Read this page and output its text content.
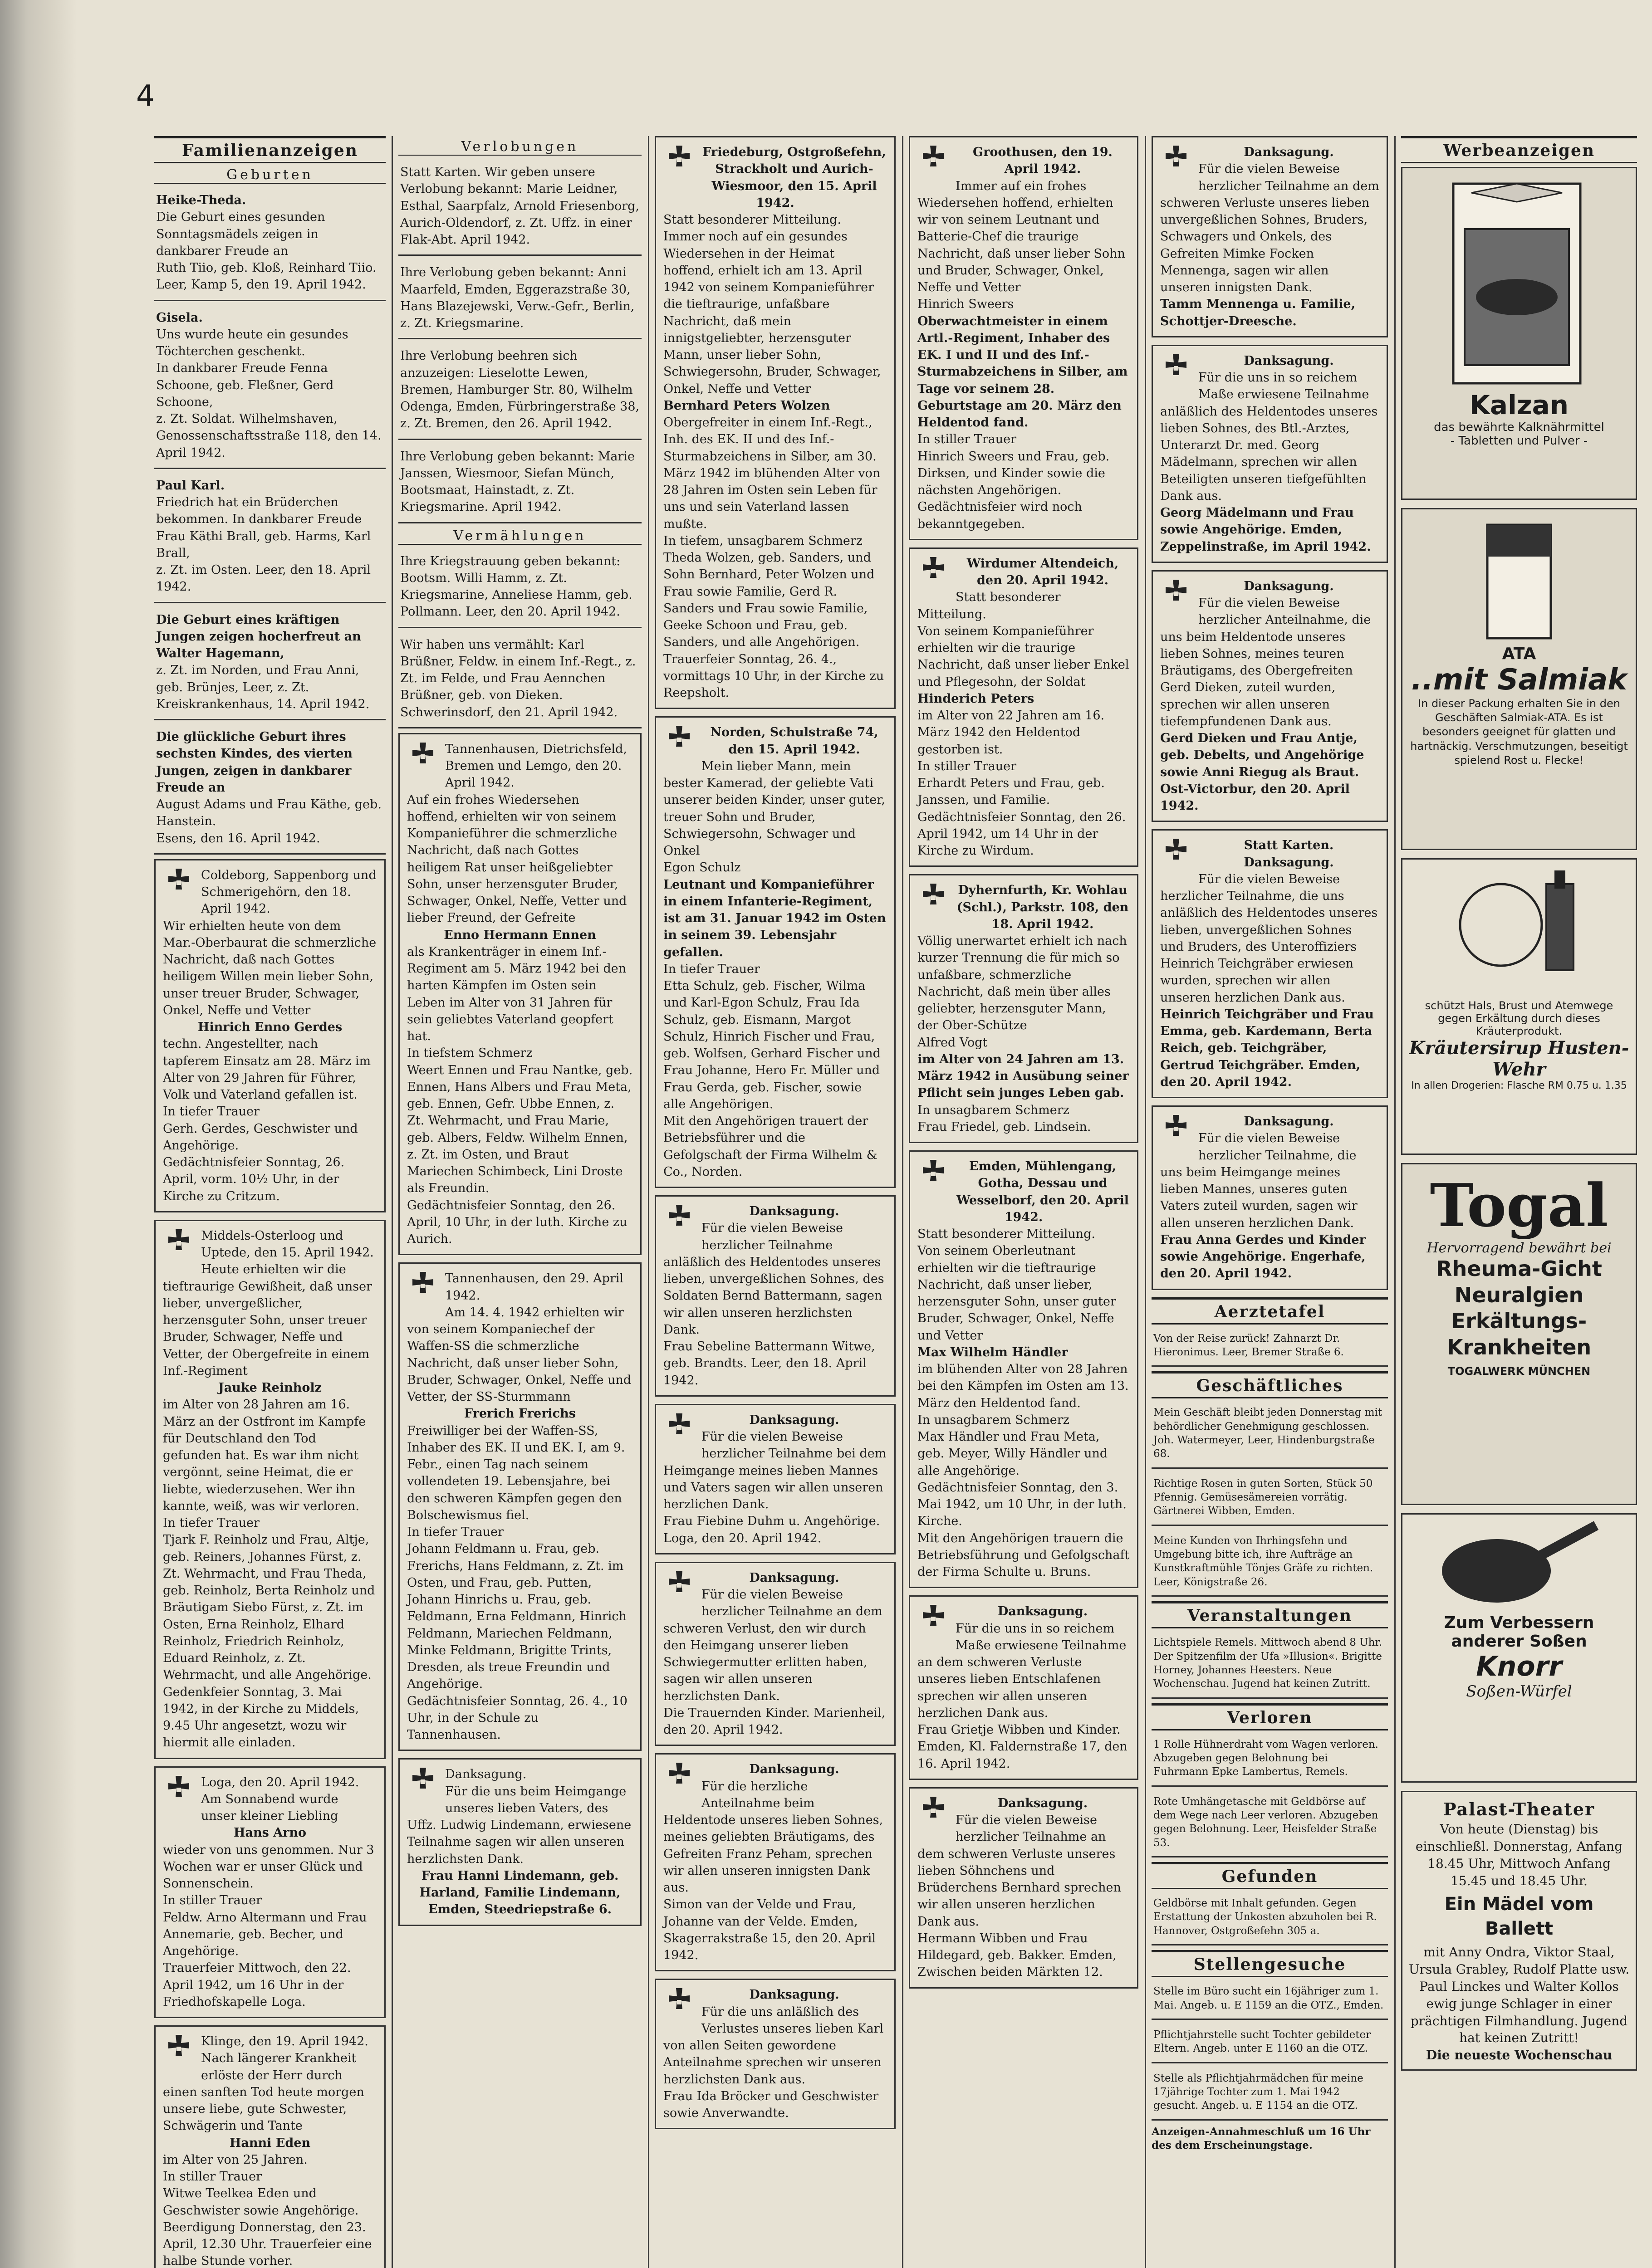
4
Familienanzeigen
Geburten
Heike-Theda.
Die Geburt eines gesunden Sonntagsmädels zeigen in dankbarer Freude an
Ruth Tiio, geb. Kloß, Reinhard Tiio.
Leer, Kamp 5, den 19. April 1942.
Gisela.
Uns wurde heute ein gesundes Töchterchen geschenkt.
In dankbarer Freude Fenna Schoone, geb. Fleßner, Gerd Schoone,
z. Zt. Soldat. Wilhelmshaven, Genossenschaftsstraße 118, den 14. April 1942.
Paul Karl.
Friedrich hat ein Brüderchen bekommen. In dankbarer Freude Frau Käthi Brall, geb. Harms, Karl Brall,
z. Zt. im Osten. Leer, den 18. April 1942.
Die Geburt eines kräftigen Jungen zeigen hocherfreut an Walter Hagemann,
z. Zt. im Norden, und Frau Anni, geb. Brünjes, Leer, z. Zt. Kreiskrankenhaus, 14. April 1942.
Die glückliche Geburt ihres sechsten Kindes, des vierten Jungen, zeigen in dankbarer Freude an
August Adams und Frau Käthe, geb. Hanstein.
Esens, den 16. April 1942.
Coldeborg, Sappenborg und Schmerigehörn, den 18. April 1942.
Wir erhielten heute von dem Mar.-Oberbaurat die schmerzliche Nachricht, daß nach Gottes heiligem Willen mein lieber Sohn, unser treuer Bruder, Schwager, Onkel, Neffe und Vetter
Hinrich Enno Gerdes
techn. Angestellter, nach tapferem Einsatz am 28. März im Alter von 29 Jahren für Führer, Volk und Vaterland gefallen ist.
In tiefer Trauer
Gerh. Gerdes, Geschwister und Angehörige.
Gedächtnisfeier Sonntag, 26. April, vorm. 10½ Uhr, in der Kirche zu Critzum.
Middels-Osterloog und Uptede, den 15. April 1942.
Heute erhielten wir die tieftraurige Gewißheit, daß unser lieber, unvergeßlicher, herzensguter Sohn, unser treuer Bruder, Schwager, Neffe und Vetter, der Obergefreite in einem Inf.-Regiment
Jauke Reinholz
im Alter von 28 Jahren am 16. März an der Ostfront im Kampfe für Deutschland den Tod gefunden hat. Es war ihm nicht vergönnt, seine Heimat, die er liebte, wiederzusehen. Wer ihn kannte, weiß, was wir verloren.
In tiefer Trauer
Tjark F. Reinholz und Frau, Altje, geb. Reiners, Johannes Fürst, z. Zt. Wehrmacht, und Frau Theda, geb. Reinholz, Berta Reinholz und Bräutigam Siebo Fürst, z. Zt. im Osten, Erna Reinholz, Elhard Reinholz, Friedrich Reinholz, Eduard Reinholz, z. Zt. Wehrmacht, und alle Angehörige.
Gedenkfeier Sonntag, 3. Mai 1942, in der Kirche zu Middels, 9.45 Uhr angesetzt, wozu wir hiermit alle einladen.
Loga, den 20. April 1942.
Am Sonnabend wurde unser kleiner Liebling
Hans Arno
wieder von uns genommen. Nur 3 Wochen war er unser Glück und Sonnenschein.
In stiller Trauer
Feldw. Arno Altermann und Frau Annemarie, geb. Becher, und Angehörige.
Trauerfeier Mittwoch, den 22. April 1942, um 16 Uhr in der Friedhofskapelle Loga.
Klinge, den 19. April 1942.
Nach längerer Krankheit erlöste der Herr durch einen sanften Tod heute morgen unsere liebe, gute Schwester, Schwägerin und Tante
Hanni Eden
im Alter von 25 Jahren.
In stiller Trauer
Witwe Teelkea Eden und Geschwister sowie Angehörige.
Beerdigung Donnerstag, den 23. April, 12.30 Uhr. Trauerfeier eine halbe Stunde vorher.
Verlobungen
Statt Karten. Wir geben unsere Verlobung bekannt: Marie Leidner, Esthal, Saarpfalz, Arnold Friesenborg, Aurich-Oldendorf, z. Zt. Uffz. in einer Flak-Abt. April 1942.
Ihre Verlobung geben bekannt: Anni Maarfeld, Emden, Eggerazstraße 30, Hans Blazejewski, Verw.-Gefr., Berlin, z. Zt. Kriegsmarine.
Ihre Verlobung beehren sich anzuzeigen: Lieselotte Lewen, Bremen, Hamburger Str. 80, Wilhelm Odenga, Emden, Fürbringerstraße 38, z. Zt. Bremen, den 26. April 1942.
Ihre Verlobung geben bekannt: Marie Janssen, Wiesmoor, Siefan Münch, Bootsmaat, Hainstadt, z. Zt. Kriegsmarine. April 1942.
Vermählungen
Ihre Kriegstrauung geben bekannt: Bootsm. Willi Hamm, z. Zt. Kriegsmarine, Anneliese Hamm, geb. Pollmann. Leer, den 20. April 1942.
Wir haben uns vermählt: Karl Brüßner, Feldw. in einem Inf.-Regt., z. Zt. im Felde, und Frau Aennchen Brüßner, geb. von Dieken. Schwerinsdorf, den 21. April 1942.
Tannenhausen, Dietrichsfeld, Bremen und Lemgo, den 20. April 1942.
Auf ein frohes Wiedersehen hoffend, erhielten wir von seinem Kompanieführer die schmerzliche Nachricht, daß nach Gottes heiligem Rat unser heißgeliebter Sohn, unser herzensguter Bruder, Schwager, Onkel, Neffe, Vetter und lieber Freund, der Gefreite
Enno Hermann Ennen
als Krankenträger in einem Inf.-Regiment am 5. März 1942 bei den harten Kämpfen im Osten sein Leben im Alter von 31 Jahren für sein geliebtes Vaterland geopfert hat.
In tiefstem Schmerz
Weert Ennen und Frau Nantke, geb. Ennen, Hans Albers und Frau Meta, geb. Ennen, Gefr. Ubbe Ennen, z. Zt. Wehrmacht, und Frau Marie, geb. Albers, Feldw. Wilhelm Ennen, z. Zt. im Osten, und Braut Mariechen Schimbeck, Lini Droste als Freundin.
Gedächtnisfeier Sonntag, den 26. April, 10 Uhr, in der luth. Kirche zu Aurich.
Tannenhausen, den 29. April 1942.
Am 14. 4. 1942 erhielten wir von seinem Kompaniechef der Waffen-SS die schmerzliche Nachricht, daß unser lieber Sohn, Bruder, Schwager, Onkel, Neffe und Vetter, der SS-Sturmmann
Frerich Frerichs
Freiwilliger bei der Waffen-SS, Inhaber des EK. II und EK. I, am 9. Febr., einen Tag nach seinem vollendeten 19. Lebensjahre, bei den schweren Kämpfen gegen den Bolschewismus fiel.
In tiefer Trauer
Johann Feldmann u. Frau, geb. Frerichs, Hans Feldmann, z. Zt. im Osten, und Frau, geb. Putten, Johann Hinrichs u. Frau, geb. Feldmann, Erna Feldmann, Hinrich Feldmann, Mariechen Feldmann, Minke Feldmann, Brigitte Trints, Dresden, als treue Freundin und Angehörige.
Gedächtnisfeier Sonntag, 26. 4., 10 Uhr, in der Schule zu Tannenhausen.
Danksagung.
Für die uns beim Heimgange unseres lieben Vaters, des Uffz. Ludwig Lindemann, erwiesene Teilnahme sagen wir allen unseren herzlichsten Dank.
Frau Hanni Lindemann, geb. Harland, Familie Lindemann, Emden, Steedriepstraße 6.
Friedeburg, Ostgroßefehn, Strackholt und Aurich-Wiesmoor, den 15. April 1942.
Statt besonderer Mitteilung.
Immer noch auf ein gesundes Wiedersehen in der Heimat hoffend, erhielt ich am 13. April 1942 von seinem Kompanieführer die tieftraurige, unfaßbare Nachricht, daß mein innigstgeliebter, herzensguter Mann, unser lieber Sohn, Schwiegersohn, Bruder, Schwager, Onkel, Neffe und Vetter
Bernhard Peters Wolzen
Obergefreiter in einem Inf.-Regt., Inh. des EK. II und des Inf.-Sturmabzeichens in Silber, am 30. März 1942 im blühenden Alter von 28 Jahren im Osten sein Leben für uns und sein Vaterland lassen mußte.
In tiefem, unsagbarem Schmerz
Theda Wolzen, geb. Sanders, und Sohn Bernhard, Peter Wolzen und Frau sowie Familie, Gerd R. Sanders und Frau sowie Familie, Geeke Schoon und Frau, geb. Sanders, und alle Angehörigen.
Trauerfeier Sonntag, 26. 4., vormittags 10 Uhr, in der Kirche zu Reepsholt.
Norden, Schulstraße 74, den 15. April 1942.
Mein lieber Mann, mein bester Kamerad, der geliebte Vati unserer beiden Kinder, unser guter, treuer Sohn und Bruder, Schwiegersohn, Schwager und Onkel
Egon Schulz
Leutnant und Kompanieführer in einem Infanterie-Regiment, ist am 31. Januar 1942 im Osten in seinem 39. Lebensjahr gefallen.
In tiefer Trauer
Etta Schulz, geb. Fischer, Wilma und Karl-Egon Schulz, Frau Ida Schulz, geb. Eismann, Margot Schulz, Hinrich Fischer und Frau, geb. Wolfsen, Gerhard Fischer und Frau Johanne, Hero Fr. Müller und Frau Gerda, geb. Fischer, sowie alle Angehörigen.
Mit den Angehörigen trauert der Betriebsführer und die Gefolgschaft der Firma Wilhelm & Co., Norden.
Danksagung.
Für die vielen Beweise herzlicher Teilnahme anläßlich des Heldentodes unseres lieben, unvergeßlichen Sohnes, des Soldaten Bernd Battermann, sagen wir allen unseren herzlichsten Dank.
Frau Sebeline Battermann Witwe, geb. Brandts. Leer, den 18. April 1942.
Danksagung.
Für die vielen Beweise herzlicher Teilnahme bei dem Heimgange meines lieben Mannes und Vaters sagen wir allen unseren herzlichen Dank.
Frau Fiebine Duhm u. Angehörige. Loga, den 20. April 1942.
Danksagung.
Für die vielen Beweise herzlicher Teilnahme an dem schweren Verlust, den wir durch den Heimgang unserer lieben Schwiegermutter erlitten haben, sagen wir allen unseren herzlichsten Dank.
Die Trauernden Kinder. Marienheil, den 20. April 1942.
Danksagung.
Für die herzliche Anteilnahme beim Heldentode unseres lieben Sohnes, meines geliebten Bräutigams, des Gefreiten Franz Peham, sprechen wir allen unseren innigsten Dank aus.
Simon van der Velde und Frau, Johanne van der Velde. Emden, Skagerrakstraße 15, den 20. April 1942.
Danksagung.
Für die uns anläßlich des Verlustes unseres lieben Karl von allen Seiten gewordene Anteilnahme sprechen wir unseren herzlichsten Dank aus.
Frau Ida Bröcker und Geschwister sowie Anverwandte.
Groothusen, den 19. April 1942.
Immer auf ein frohes Wiedersehen hoffend, erhielten wir von seinem Leutnant und Batterie-Chef die traurige Nachricht, daß unser lieber Sohn und Bruder, Schwager, Onkel, Neffe und Vetter
Hinrich Sweers
Oberwachtmeister in einem Artl.-Regiment, Inhaber des EK. I und II und des Inf.-Sturmabzeichens in Silber, am Tage vor seinem 28. Geburtstage am 20. März den Heldentod fand.
In stiller Trauer
Hinrich Sweers und Frau, geb. Dirksen, und Kinder sowie die nächsten Angehörigen.
Gedächtnisfeier wird noch bekanntgegeben.
Wirdumer Altendeich, den 20. April 1942.
Statt besonderer Mitteilung.
Von seinem Kompanieführer erhielten wir die traurige Nachricht, daß unser lieber Enkel und Pflegesohn, der Soldat
Hinderich Peters
im Alter von 22 Jahren am 16. März 1942 den Heldentod gestorben ist.
In stiller Trauer
Erhardt Peters und Frau, geb. Janssen, und Familie.
Gedächtnisfeier Sonntag, den 26. April 1942, um 14 Uhr in der Kirche zu Wirdum.
Dyhernfurth, Kr. Wohlau (Schl.), Parkstr. 108, den 18. April 1942.
Völlig unerwartet erhielt ich nach kurzer Trennung die für mich so unfaßbare, schmerzliche Nachricht, daß mein über alles geliebter, herzensguter Mann, der Ober-Schütze
Alfred Vogt
im Alter von 24 Jahren am 13. März 1942 in Ausübung seiner Pflicht sein junges Leben gab.
In unsagbarem Schmerz
Frau Friedel, geb. Lindsein.
Emden, Mühlengang, Gotha, Dessau und Wesselborf, den 20. April 1942.
Statt besonderer Mitteilung.
Von seinem Oberleutnant erhielten wir die tieftraurige Nachricht, daß unser lieber, herzensguter Sohn, unser guter Bruder, Schwager, Onkel, Neffe und Vetter
Max Wilhelm Händler
im blühenden Alter von 28 Jahren bei den Kämpfen im Osten am 13. März den Heldentod fand.
In unsagbarem Schmerz
Max Händler und Frau Meta, geb. Meyer, Willy Händler und alle Angehörige.
Gedächtnisfeier Sonntag, den 3. Mai 1942, um 10 Uhr, in der luth. Kirche.
Mit den Angehörigen trauern die Betriebsführung und Gefolgschaft der Firma Schulte u. Bruns.
Danksagung.
Für die uns in so reichem Maße erwiesene Teilnahme an dem schweren Verluste unseres lieben Entschlafenen sprechen wir allen unseren herzlichen Dank aus.
Frau Grietje Wibben und Kinder. Emden, Kl. Faldernstraße 17, den 16. April 1942.
Danksagung.
Für die vielen Beweise herzlicher Teilnahme an dem schweren Verluste unseres lieben Söhnchens und Brüderchens Bernhard sprechen wir allen unseren herzlichen Dank aus.
Hermann Wibben und Frau Hildegard, geb. Bakker. Emden, Zwischen beiden Märkten 12.
Danksagung.
Für die vielen Beweise herzlicher Teilnahme an dem schweren Verluste unseres lieben unvergeßlichen Sohnes, Bruders, Schwagers und Onkels, des Gefreiten Mimke Focken Mennenga, sagen wir allen unseren innigsten Dank.
Tamm Mennenga u. Familie, Schottjer-Dreesche.
Danksagung.
Für die uns in so reichem Maße erwiesene Teilnahme anläßlich des Heldentodes unseres lieben Sohnes, des Btl.-Arztes, Unterarzt Dr. med. Georg Mädelmann, sprechen wir allen Beteiligten unseren tiefgefühlten Dank aus.
Georg Mädelmann und Frau sowie Angehörige. Emden, Zeppelinstraße, im April 1942.
Danksagung.
Für die vielen Beweise herzlicher Anteilnahme, die uns beim Heldentode unseres lieben Sohnes, meines teuren Bräutigams, des Obergefreiten Gerd Dieken, zuteil wurden, sprechen wir allen unseren tiefempfundenen Dank aus.
Gerd Dieken und Frau Antje, geb. Debelts, und Angehörige sowie Anni Riegug als Braut. Ost-Victorbur, den 20. April 1942.
Statt Karten. Danksagung.
Für die vielen Beweise herzlicher Teilnahme, die uns anläßlich des Heldentodes unseres lieben, unvergeßlichen Sohnes und Bruders, des Unteroffiziers Heinrich Teichgräber erwiesen wurden, sprechen wir allen unseren herzlichen Dank aus.
Heinrich Teichgräber und Frau Emma, geb. Kardemann, Berta Reich, geb. Teichgräber, Gertrud Teichgräber. Emden, den 20. April 1942.
Danksagung.
Für die vielen Beweise herzlicher Teilnahme, die uns beim Heimgange meines lieben Mannes, unseres guten Vaters zuteil wurden, sagen wir allen unseren herzlichen Dank.
Frau Anna Gerdes und Kinder sowie Angehörige. Engerhafe, den 20. April 1942.
Aerztetafel
Von der Reise zurück! Zahnarzt Dr. Hieronimus. Leer, Bremer Straße 6.
Geschäftliches
Mein Geschäft bleibt jeden Donnerstag mit behördlicher Genehmigung geschlossen. Joh. Watermeyer, Leer, Hindenburgstraße 68.
Richtige Rosen in guten Sorten, Stück 50 Pfennig. Gemüsesämereien vorrätig. Gärtnerei Wibben, Emden.
Meine Kunden von Ihrhingsfehn und Umgebung bitte ich, ihre Aufträge an Kunstkraftmühle Tönjes Gräfe zu richten. Leer, Königstraße 26.
Veranstaltungen
Lichtspiele Remels. Mittwoch abend 8 Uhr. Der Spitzenfilm der Ufa »Illusion«. Brigitte Horney, Johannes Heesters. Neue Wochenschau. Jugend hat keinen Zutritt.
Verloren
1 Rolle Hühnerdraht vom Wagen verloren. Abzugeben gegen Belohnung bei Fuhrmann Epke Lambertus, Remels.
Rote Umhängetasche mit Geldbörse auf dem Wege nach Leer verloren. Abzugeben gegen Belohnung. Leer, Heisfelder Straße 53.
Gefunden
Geldbörse mit Inhalt gefunden. Gegen Erstattung der Unkosten abzuholen bei R. Hannover, Ostgroßefehn 305 a.
Stellengesuche
Stelle im Büro sucht ein 16jähriger zum 1. Mai. Angeb. u. E 1159 an die OTZ., Emden.
Pflichtjahrstelle sucht Tochter gebildeter Eltern. Angeb. unter E 1160 an die OTZ.
Stelle als Pflichtjahrmädchen für meine 17jährige Tochter zum 1. Mai 1942 gesucht. Angeb. u. E 1154 an die OTZ.
Anzeigen-Annahmeschluß um 16 Uhr des dem Erscheinungstage.
Werbeanzeigen
Kalzan
das bewährte Kalknährmittel
- Tabletten und Pulver -
ATA
..mit Salmiak
In dieser Packung erhalten Sie in den Geschäften Salmiak-ATA. Es ist besonders geeignet für glatten und hartnäckig. Verschmutzungen, beseitigt spielend Rost u. Flecke!
schützt Hals, Brust und Atemwege gegen Erkältung durch dieses Kräuterprodukt.
Kräutersirup Husten-Wehr
In allen Drogerien: Flasche RM 0.75 u. 1.35
Togal
Hervorragend bewährt bei
Rheuma-Gicht Neuralgien Erkältungs-Krankheiten
TOGALWERK MÜNCHEN
Zum Verbessern anderer Soßen
Knorr
Soßen-Würfel
Palast-Theater
Von heute (Dienstag) bis einschließl. Donnerstag, Anfang 18.45 Uhr, Mittwoch Anfang 15.45 und 18.45 Uhr.
Ein Mädel vom Ballett
mit Anny Ondra, Viktor Staal, Ursula Grabley, Rudolf Platte usw. Paul Linckes und Walter Kollos ewig junge Schlager in einer prächtigen Filmhandlung. Jugend hat keinen Zutritt!
Die neueste Wochenschau
